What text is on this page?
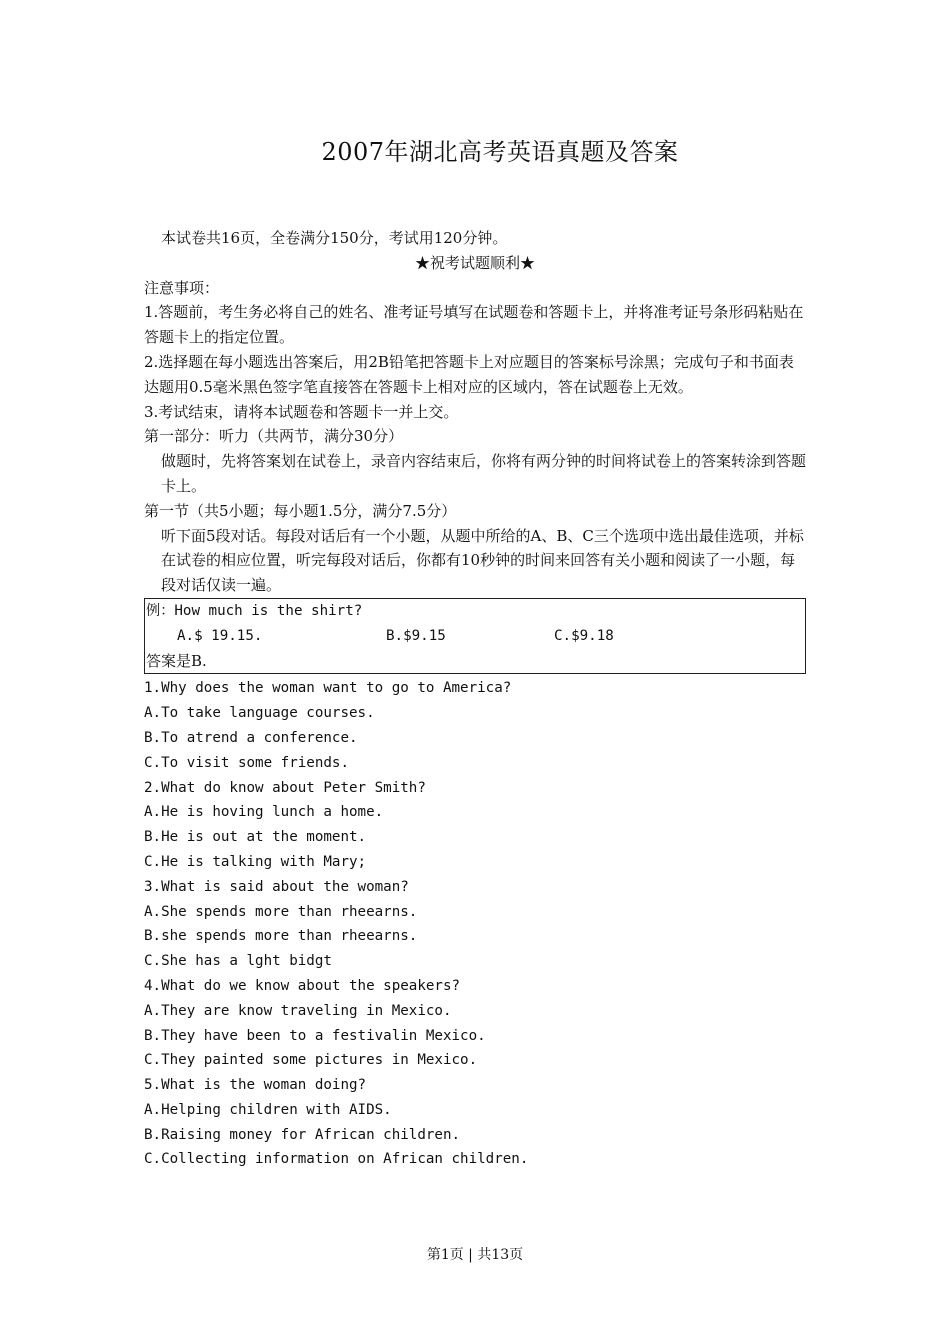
2007年湖北高考英语真题及答案
本试卷共16页，全卷满分150分，考试用120分钟。
★祝考试题顺利★
注意事项：
1.答题前，考生务必将自己的姓名、准考证号填写在试题卷和答题卡上，并将准考证号条形码粘贴在答题卡上的指定位置。
2.选择题在每小题选出答案后，用2B铅笔把答题卡上对应题目的答案标号涂黑；完成句子和书面表达题用0.5毫米黑色签字笔直接答在答题卡上相对应的区域内，答在试题卷上无效。
3.考试结束，请将本试题卷和答题卡一并上交。
第一部分：听力（共两节，满分30分）
做题时，先将答案划在试卷上，录音内容结束后，你将有两分钟的时间将试卷上的答案转涂到答题卡上。
第一节（共5小题；每小题1.5分，满分7.5分）
听下面5段对话。每段对话后有一个小题，从题中所给的A、B、C三个选项中选出最佳选项，并标在试卷的相应位置，听完每段对话后，你都有10秒钟的时间来回答有关小题和阅读了一小题，每段对话仅读一遍。
例：How much is the shirt?
A.$ 19.15.	B.$9.15	C.$9.18
答案是B.
1.Why does the woman want to go to America?
A.To take language courses.
B.To atrend a conference.
C.To visit some friends.
2.What do know about Peter Smith?
A.He is hoving lunch a home.
B.He is out at the moment.
C.He is talking with Mary;
3.What is said about the woman?
A.She spends more than rheearns.
B.she spends more than rheearns.
C.She has a lght bidgt
4.What do we know about the speakers?
A.They are know traveling in Mexico.
B.They have been to a festivalin Mexico.
C.They painted some pictures in Mexico.
5.What is the woman doing?
A.Helping children with AIDS.
B.Raising money for African children.
C.Collecting information on African children.
第1页 | 共13页
